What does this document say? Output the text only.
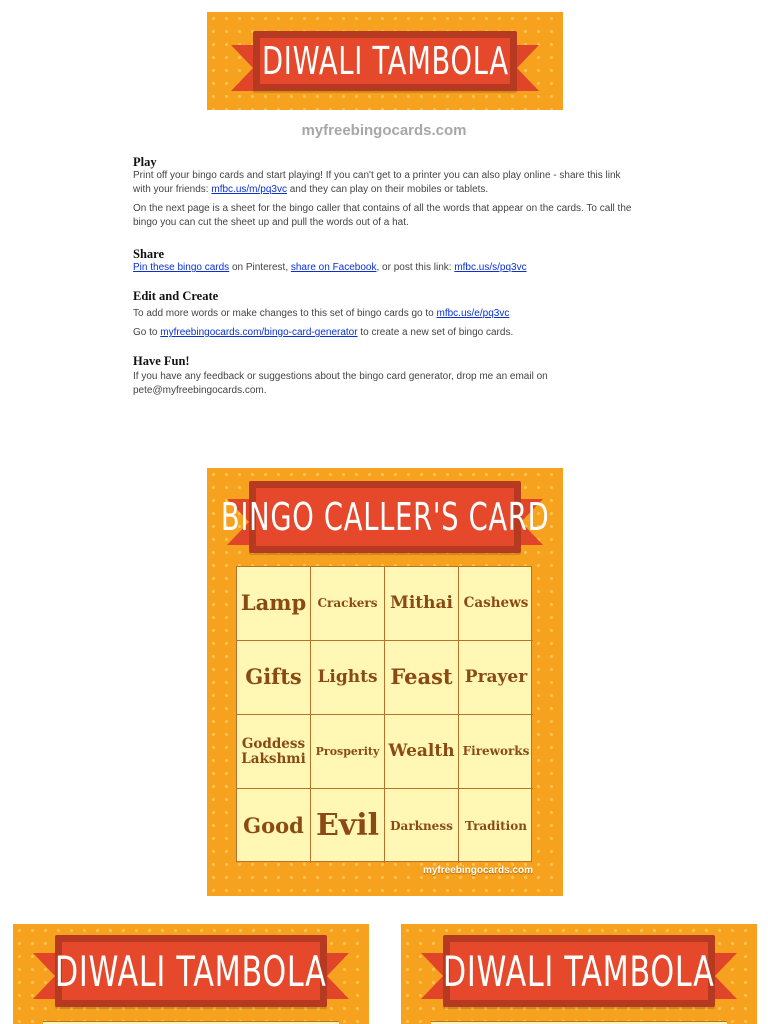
DIWALI TAMBOLA
myfreebingocards.com
Play

Print off your bingo cards and start playing! If you can't get to a printer you can also play online - share this link with your friends: mfbc.us/m/pq3vc and they can play on their mobiles or tablets.

On the next page is a sheet for the bingo caller that contains of all the words that appear on the cards. To call the bingo you can cut the sheet up and pull the words out of a hat.

Share

Pin these bingo cards on Pinterest, share on Facebook, or post this link: mfbc.us/s/pq3vc

Edit and Create

To add more words or make changes to this set of bingo cards go to mfbc.us/e/pq3vc

Go to myfreebingocards.com/bingo-card-generator to create a new set of bingo cards.

Have Fun!

If you have any feedback or suggestions about the bingo card generator, drop me an email on pete@myfreebingocards.com.

BINGO CALLER'S CARD
myfreebingocards.com
Lamp Crackers Mithai Cashews
Gifts Lights Feast Prayer
Goddess Lakshmi Prosperity Wealth Fireworks
Good Evil Darkness	Tradition
DIWALI TAMBOLA	DIWALI TAMBOLA
